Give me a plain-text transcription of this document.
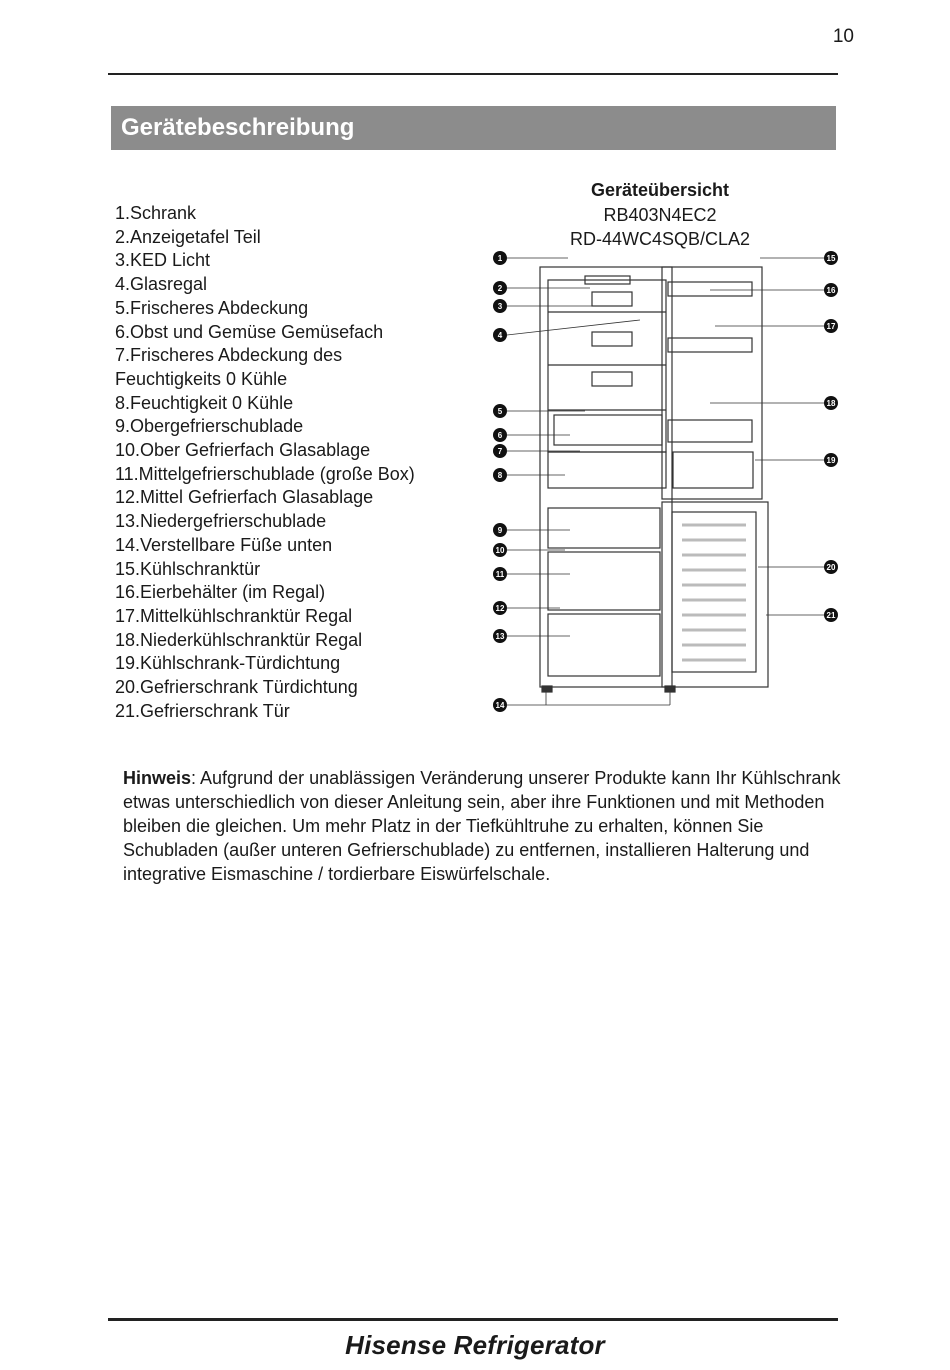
10
Gerätebeschreibung
1.Schrank
2.Anzeigetafel Teil
3.KED Licht
4.Glasregal
5.Frischeres Abdeckung
6.Obst und Gemüse Gemüsefach
7.Frischeres Abdeckung des
Feuchtigkeits 0 Kühle
8.Feuchtigkeit 0 Kühle
9.Obergefrierschublade
10.Ober Gefrierfach Glasablage
11.Mittelgefrierschublade (große Box)
12.Mittel Gefrierfach Glasablage
13.Niedergefrierschublade
14.Verstellbare Füße unten
15.Kühlschranktür
16.Eierbehälter (im Regal)
17.Mittelkühlschranktür Regal
18.Niederkühlschranktür Regal
19.Kühlschrank-Türdichtung
20.Gefrierschrank Türdichtung
21.Gefrierschrank Tür
Geräteübersicht
RB403N4EC2
RD-44WC4SQB/CLA2
1
2
3
4
5
6
7
8
9
10
11
12
13
14
15
16
17
18
19
20
21

Hinweis: Aufgrund der unablässigen Veränderung unserer Produkte kann Ihr Kühlschrank etwas unterschiedlich von dieser Anleitung sein, aber ihre Funktionen und mit Methoden bleiben die gleichen. Um mehr Platz in der Tiefkühltruhe zu erhalten, können Sie Schubladen (außer unteren Gefrierschublade) zu entfernen, installieren Halterung und integrative Eismaschine / tordierbare Eiswürfelschale.

Hisense Refrigerator
